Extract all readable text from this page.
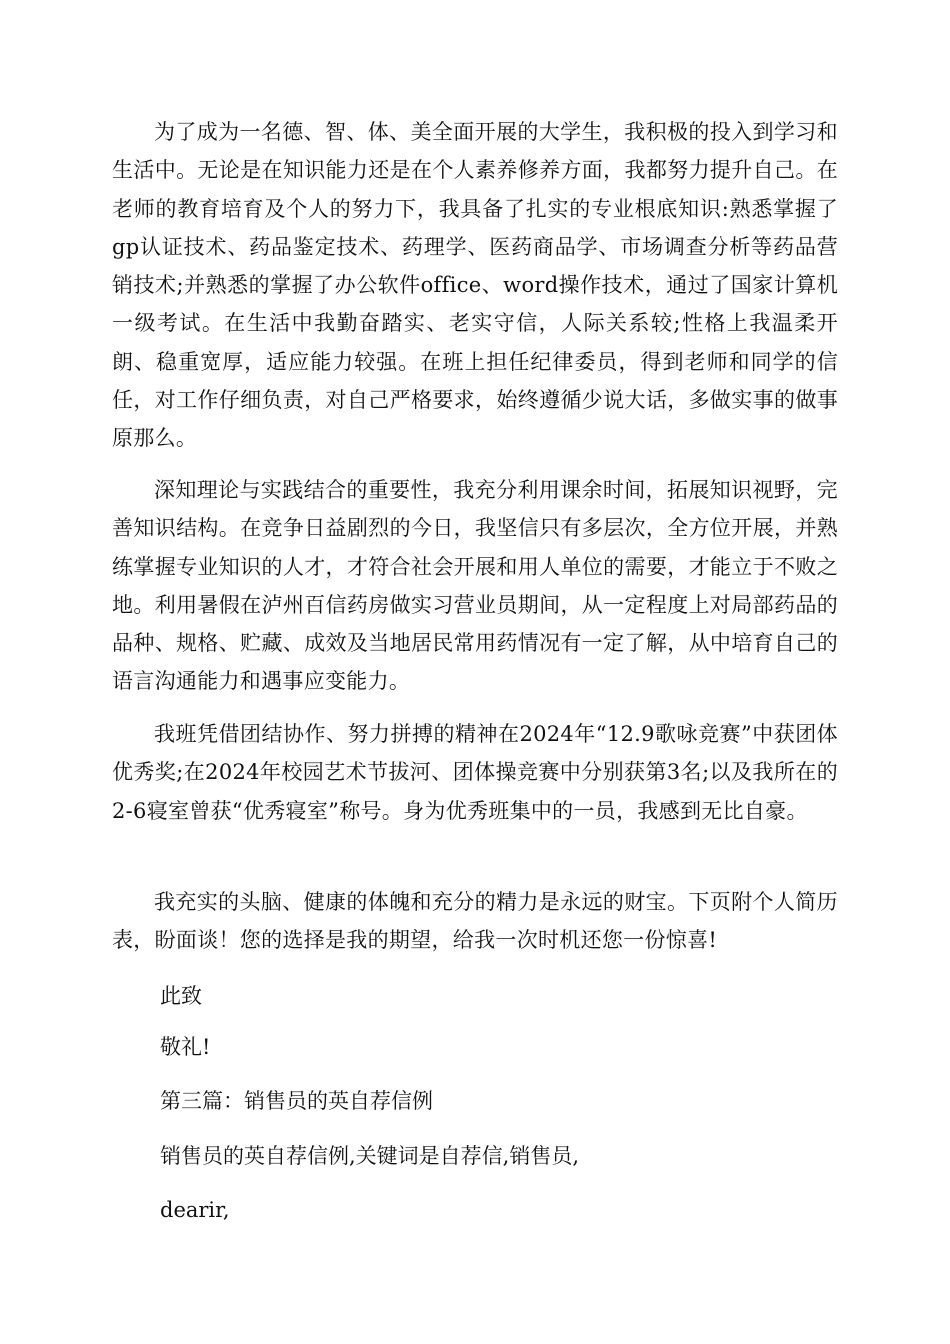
为了成为一名德、智、体、美全面开展的大学生，我积极的投入到学习和生活中。无论是在知识能力还是在个人素养修养方面，我都努力提升自己。在老师的教育培育及个人的努力下，我具备了扎实的专业根底知识:熟悉掌握了gp认证技术、药品鉴定技术、药理学、医药商品学、市场调查分析等药品营销技术;并熟悉的掌握了办公软件office、word操作技术，通过了国家计算机一级考试。在生活中我勤奋踏实、老实守信，人际关系较;性格上我温柔开朗、稳重宽厚，适应能力较强。在班上担任纪律委员，得到老师和同学的信任，对工作仔细负责，对自己严格要求，始终遵循少说大话，多做实事的做事原那么。

深知理论与实践结合的重要性，我充分利用课余时间，拓展知识视野，完善知识结构。在竞争日益剧烈的今日，我坚信只有多层次，全方位开展，并熟练掌握专业知识的人才，才符合社会开展和用人单位的需要，才能立于不败之地。利用暑假在泸州百信药房做实习营业员期间，从一定程度上对局部药品的品种、规格、贮藏、成效及当地居民常用药情况有一定了解，从中培育自己的语言沟通能力和遇事应变能力。

我班凭借团结协作、努力拼搏的精神在2024年“12.9歌咏竞赛”中获团体优秀奖;在2024年校园艺术节拔河、团体操竞赛中分别获第3名;以及我所在的2-6寝室曾获“优秀寝室”称号。身为优秀班集中的一员，我感到无比自豪。

我充实的头脑、健康的体魄和充分的精力是永远的财宝。下页附个人简历表，盼面谈！您的选择是我的期望，给我一次时机还您一份惊喜!

此致

敬礼!

第三篇：销售员的英自荐信例

销售员的英自荐信例,关键词是自荐信,销售员,

dearir,
